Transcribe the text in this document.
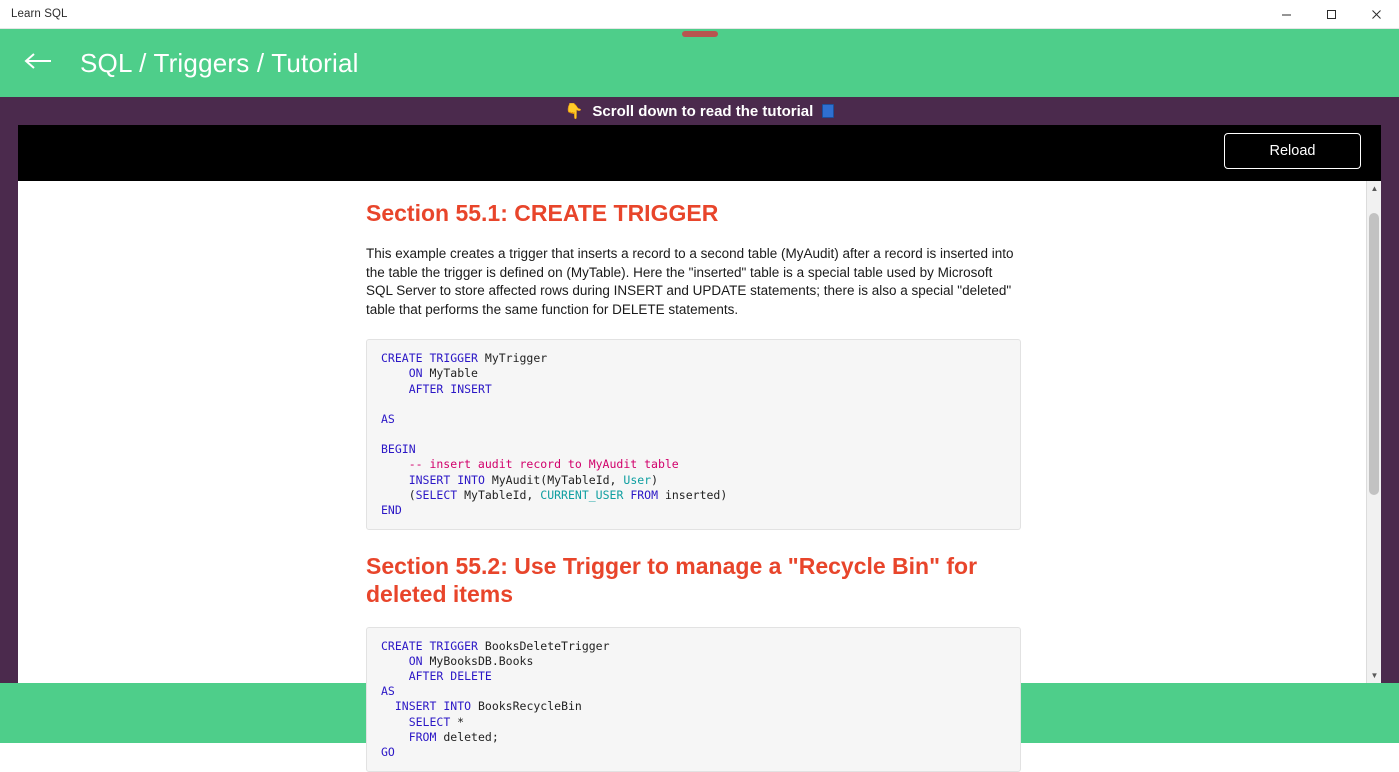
Learn SQL
SQL / Triggers / Tutorial
👇 Scroll down to read the tutorial
Reload
Section 55.1: CREATE TRIGGER

This example creates a trigger that inserts a record to a second table (MyAudit) after a record is inserted into the table the trigger is defined on (MyTable). Here the "inserted" table is a special table used by Microsoft SQL Server to store affected rows during INSERT and UPDATE statements; there is also a special "deleted" table that performs the same function for DELETE statements.

CREATE TRIGGER MyTrigger
ON MyTable
AFTER INSERT

AS

BEGIN
-- insert audit record to MyAudit table
INSERT INTO MyAudit(MyTableId, User)
(SELECT MyTableId, CURRENT_USER FROM inserted)
END
Section 55.2: Use Trigger to manage a "Recycle Bin" for deleted items
CREATE TRIGGER BooksDeleteTrigger
ON MyBooksDB.Books
AFTER DELETE
AS
INSERT INTO BooksRecycleBin
SELECT *
FROM deleted;
GO
▲
▼
